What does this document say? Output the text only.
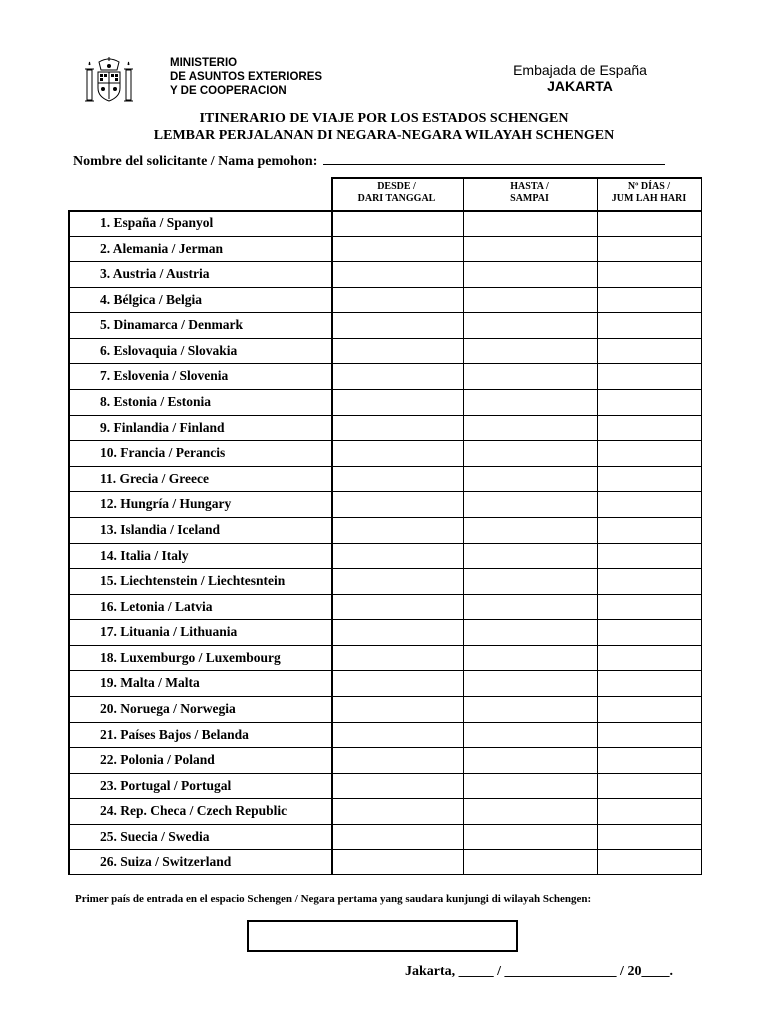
MINISTERIO
DE ASUNTOS EXTERIORES
Y DE COOPERACION
Embajada de España
JAKARTA
ITINERARIO DE VIAJE POR LOS ESTADOS SCHENGEN
LEMBAR PERJALANAN DI NEGARA-NEGARA WILAYAH SCHENGEN
Nombre del solicitante / Nama pemohon:
DESDE /
DARI TANGGAL
HASTA /
SAMPAI
Nº DÍAS /
JUM LAH HARI
1. España / Spanyol
2. Alemania / Jerman
3. Austria / Austria
4. Bélgica / Belgia
5. Dinamarca / Denmark
6. Eslovaquia / Slovakia
7. Eslovenia / Slovenia
8. Estonia / Estonia
9. Finlandia / Finland
10. Francia / Perancis
11. Grecia / Greece
12. Hungría / Hungary
13. Islandia / Iceland
14. Italia / Italy
15. Liechtenstein / Liechtesntein
16. Letonia / Latvia
17. Lituania / Lithuania
18. Luxemburgo / Luxembourg
19. Malta / Malta
20. Noruega / Norwegia
21. Países Bajos / Belanda
22. Polonia / Poland
23. Portugal / Portugal
24. Rep. Checa / Czech Republic
25. Suecia / Swedia
26. Suiza / Switzerland
Primer país de entrada en el espacio Schengen / Negara pertama yang saudara kunjungi di wilayah Schengen:
Jakarta, _____ / ________________ / 20____.
